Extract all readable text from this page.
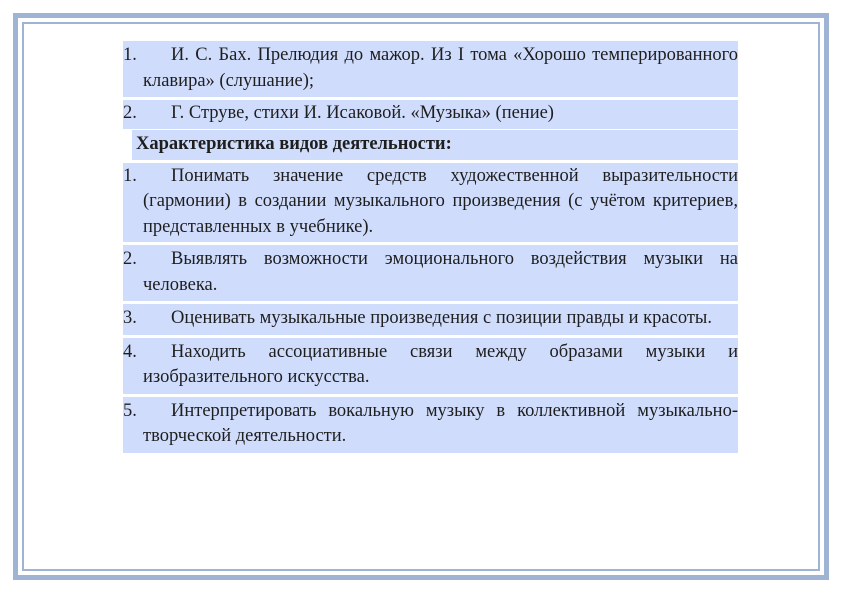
1. И. С. Бах. Прелюдия до мажор. Из I тома «Хорошо темперированного клавира» (слушание);

2. Г. Струве, стихи И. Исаковой. «Музыка» (пение)

Характеристика видов деятельности:

1. Понимать значение средств художественной выразительности (гармонии) в создании музыкального произведения (с учётом критериев, представленных в учебнике).

2. Выявлять возможности эмоционального воздействия музыки на человека.

3. Оценивать музыкальные произведения с позиции правды и красоты.

4. Находить ассоциативные связи между образами музыки и изобразительного искусства.

5. Интерпретировать вокальную музыку в коллективной музыкально-творческой деятельности.
